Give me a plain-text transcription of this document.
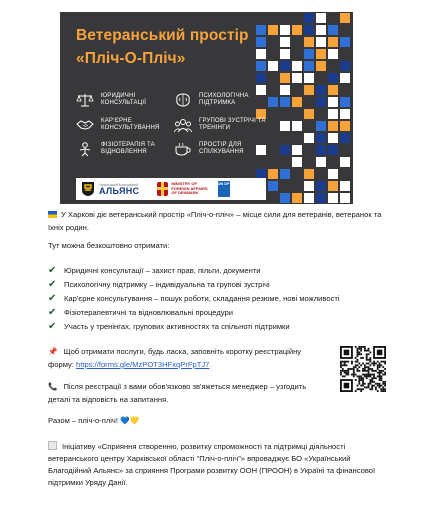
Ветеранський простір
«Пліч-О-Пліч»
ЮРИДИЧНІ
КОНСУЛЬТАЦІЇ
ПСИХОЛОГІЧНА
ПІДТРИМКА
КАР'ЄРНЕ
КОНСУЛЬТУВАННЯ
ГРУПОВІ ЗУСТРІЧІ ТА
ТРЕНІНГИ
ФІЗІОТЕРАПІЯ ТА
ВІДНОВЛЕННЯ
ПРОСТІР ДЛЯ
СПІЛКУВАННЯ
Український Благодійний
АЛЬЯНС
MINISTRY OF
FOREIGN AFFAIRS
OF DENMARK
UN DP
У Харкові діє ветеранський простір «Пліч-о-пліч» – місце сили для ветеранів, ветеранок та їхніх родин.
Тут можна безкоштовно отримати:
✔ Юридичні консультації – захист прав, пільги, документи
✔ Психологічну підтримку – індивідуальна та групові зустрічі
✔ Кар'єрне консультування – пошук роботи, складання резюме, нові можливості
✔ Фізіотерапевтичні та відновлювальні процедури
✔ Участь у тренінгах, групових активностях та спільноті підтримки
📌 Щоб отримати послуги, будь ласка, заповніть коротку реєстраційну форму: https://forms.gle/MzPOT3HFxqPrFpTJ7
📞 Після реєстрації з вами обов'язково зв'яжеться менеджер – узгодить деталі та відповість на запитання.
Разом – пліч-о-пліч! 💙💛
Ініціативу «Сприяння створенню, розвитку спроможності та підтримці діяльності ветеранського центру Харківської області “Пліч-о-пліч”» впроваджує БО «Український Благодійний Альянс» за сприяння Програми розвитку ООН (ПРООН) в Україні та фінансової підтримки Уряду Данії.
